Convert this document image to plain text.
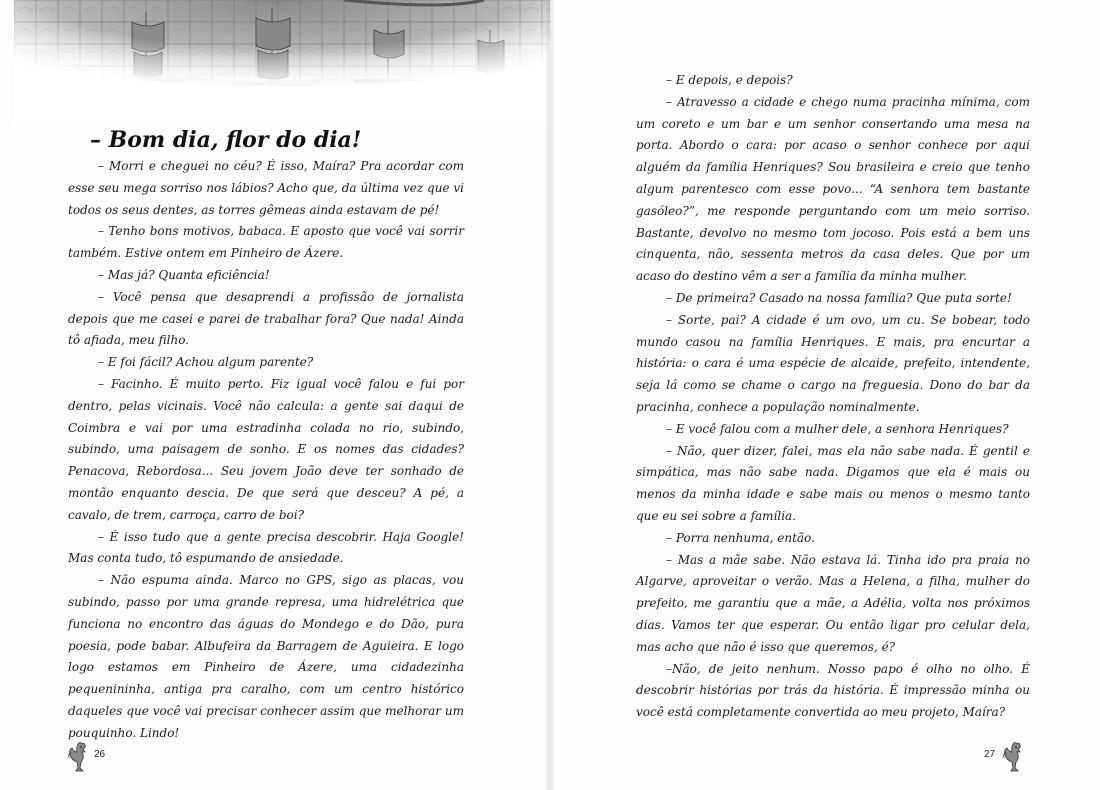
– Bom dia, flor do dia!

– Morri e cheguei no céu? É isso, Maíra? Pra acordar com esse seu mega sorriso nos lábios? Acho que, da última vez que vi todos os seus dentes, as torres gêmeas ainda estavam de pé!

– Tenho bons motivos, babaca. E aposto que você vai sorrir também. Estive ontem em Pinheiro de Ázere.

– Mas já? Quanta eficiência!

– Você pensa que desaprendi a profissão de jornalista depois que me casei e parei de trabalhar fora? Que nada! Ainda tô afiada, meu filho.

– E foi fácil? Achou algum parente?

– Facinho. É muito perto. Fiz igual você falou e fui por dentro, pelas vicinais. Você não calcula: a gente sai daqui de Coimbra e vai por uma estradinha colada no rio, subindo, subindo, uma paisagem de sonho. E os nomes das cidades? Penacova, Rebordosa... Seu jovem João deve ter sonhado de montão enquanto descia. De que será que desceu? A pé, a cavalo, de trem, carroça, carro de boi?

– É isso tudo que a gente precisa descobrir. Haja Google! Mas conta tudo, tô espumando de ansiedade.

– Não espuma ainda. Marco no GPS, sigo as placas, vou subindo, passo por uma grande represa, uma hidrelétrica que funciona no encontro das águas do Mondego e do Dão, pura poesia, pode babar. Albufeira da Barragem de Aguieira. E logo logo estamos em Pinheiro de Ázere, uma cidadezinha pequenininha, antiga pra caralho, com um centro histórico daqueles que você vai precisar conhecer assim que melhorar um pouquinho. Lindo!

26

– E depois, e depois?

– Atravesso a cidade e chego numa pracinha mínima, com um coreto e um bar e um senhor consertando uma mesa na porta. Abordo o cara: por acaso o senhor conhece por aqui alguém da família Henriques? Sou brasileira e creio que tenho algum parentesco com esse povo... “A senhora tem bastante gasóleo?”, me responde perguntando com um meio sorriso. Bastante, devolvo no mesmo tom jocoso. Pois está a bem uns cinquenta, não, sessenta metros da casa deles. Que por um acaso do destino vêm a ser a família da minha mulher.

– De primeira? Casado na nossa família? Que puta sorte!

– Sorte, pai? A cidade é um ovo, um cu. Se bobear, todo mundo casou na família Henriques. E mais, pra encurtar a história: o cara é uma espécie de alcaide, prefeito, intendente, seja lá como se chame o cargo na freguesia. Dono do bar da pracinha, conhece a população nominalmente.

– E você falou com a mulher dele, a senhora Henriques?

– Não, quer dizer, falei, mas ela não sabe nada. É gentil e simpática, mas não sabe nada. Digamos que ela é mais ou menos da minha idade e sabe mais ou menos o mesmo tanto que eu sei sobre a família.

– Porra nenhuma, então.

– Mas a mãe sabe. Não estava lá. Tinha ido pra praia no Algarve, aproveitar o verão. Mas a Helena, a filha, mulher do prefeito, me garantiu que a mãe, a Adélia, volta nos próximos dias. Vamos ter que esperar. Ou então ligar pro celular dela, mas acho que não é isso que queremos, é?

–Não, de jeito nenhum. Nosso papo é olho no olho. É descobrir histórias por trás da história. É impressão minha ou você está completamente convertida ao meu projeto, Maíra?

27
